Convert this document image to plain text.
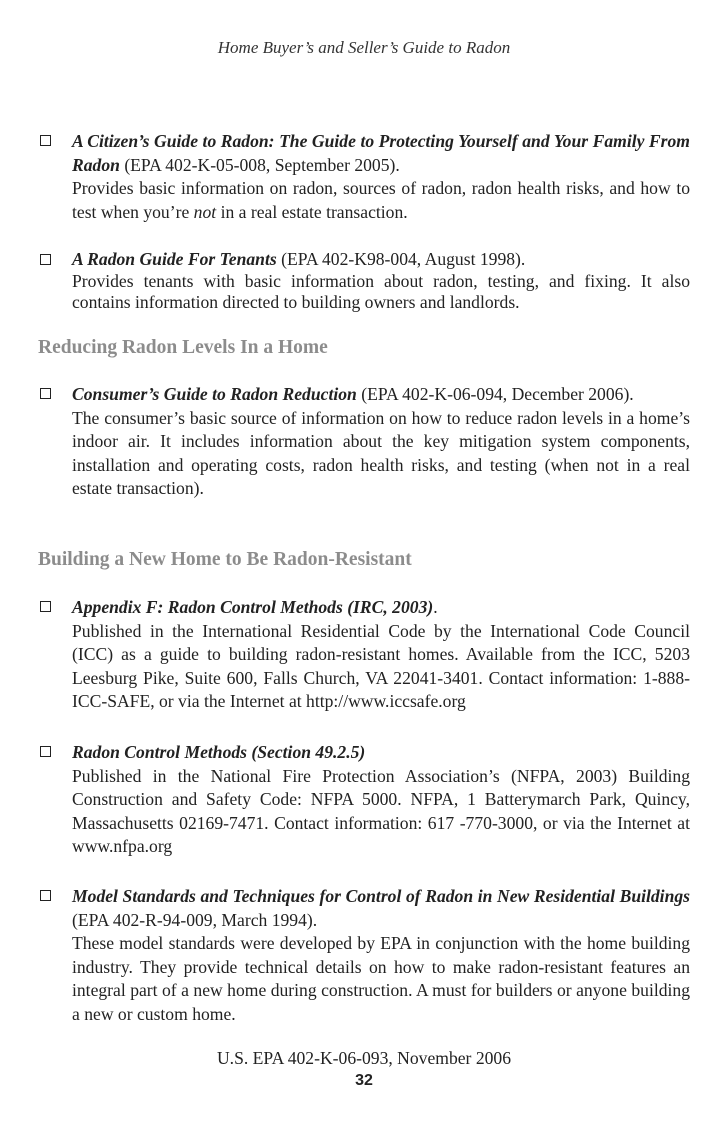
Home Buyer’s and Seller’s Guide to Radon
A Citizen’s Guide to Radon: The Guide to Protecting Yourself and Your Family From Radon (EPA 402-K-05-008, September 2005).
Provides basic information on radon, sources of radon, radon health risks, and how to test when you’re not in a real estate transaction.
A Radon Guide For Tenants (EPA 402-K98-004, August 1998).
Provides tenants with basic information about radon, testing, and fixing. It also contains information directed to building owners and landlords.
Reducing Radon Levels In a Home
Consumer’s Guide to Radon Reduction (EPA 402-K-06-094, December 2006).
The consumer’s basic source of information on how to reduce radon levels in a home’s indoor air. It includes information about the key mitigation system components, installation and operating costs, radon health risks, and testing (when not in a real estate transaction).
Building a New Home to Be Radon-Resistant
Appendix F: Radon Control Methods (IRC, 2003).
Published in the International Residential Code by the International Code Council (ICC) as a guide to building radon-resistant homes. Available from the ICC, 5203 Leesburg Pike, Suite 600, Falls Church, VA 22041-3401. Contact information: 1-888-ICC-SAFE, or via the Internet at http://www.iccsafe.org
Radon Control Methods (Section 49.2.5)
Published in the National Fire Protection Association’s (NFPA, 2003) Building Construction and Safety Code: NFPA 5000. NFPA, 1 Batterymarch Park, Quincy, Massachusetts 02169-7471. Contact information: 617 -770-3000, or via the Internet at www.nfpa.org
Model Standards and Techniques for Control of Radon in New Residential Buildings (EPA 402-R-94-009, March 1994).
These model standards were developed by EPA in conjunction with the home building industry. They provide technical details on how to make radon-resistant features an integral part of a new home during construction. A must for builders or anyone building a new or custom home.
U.S. EPA 402-K-06-093, November 2006
32
